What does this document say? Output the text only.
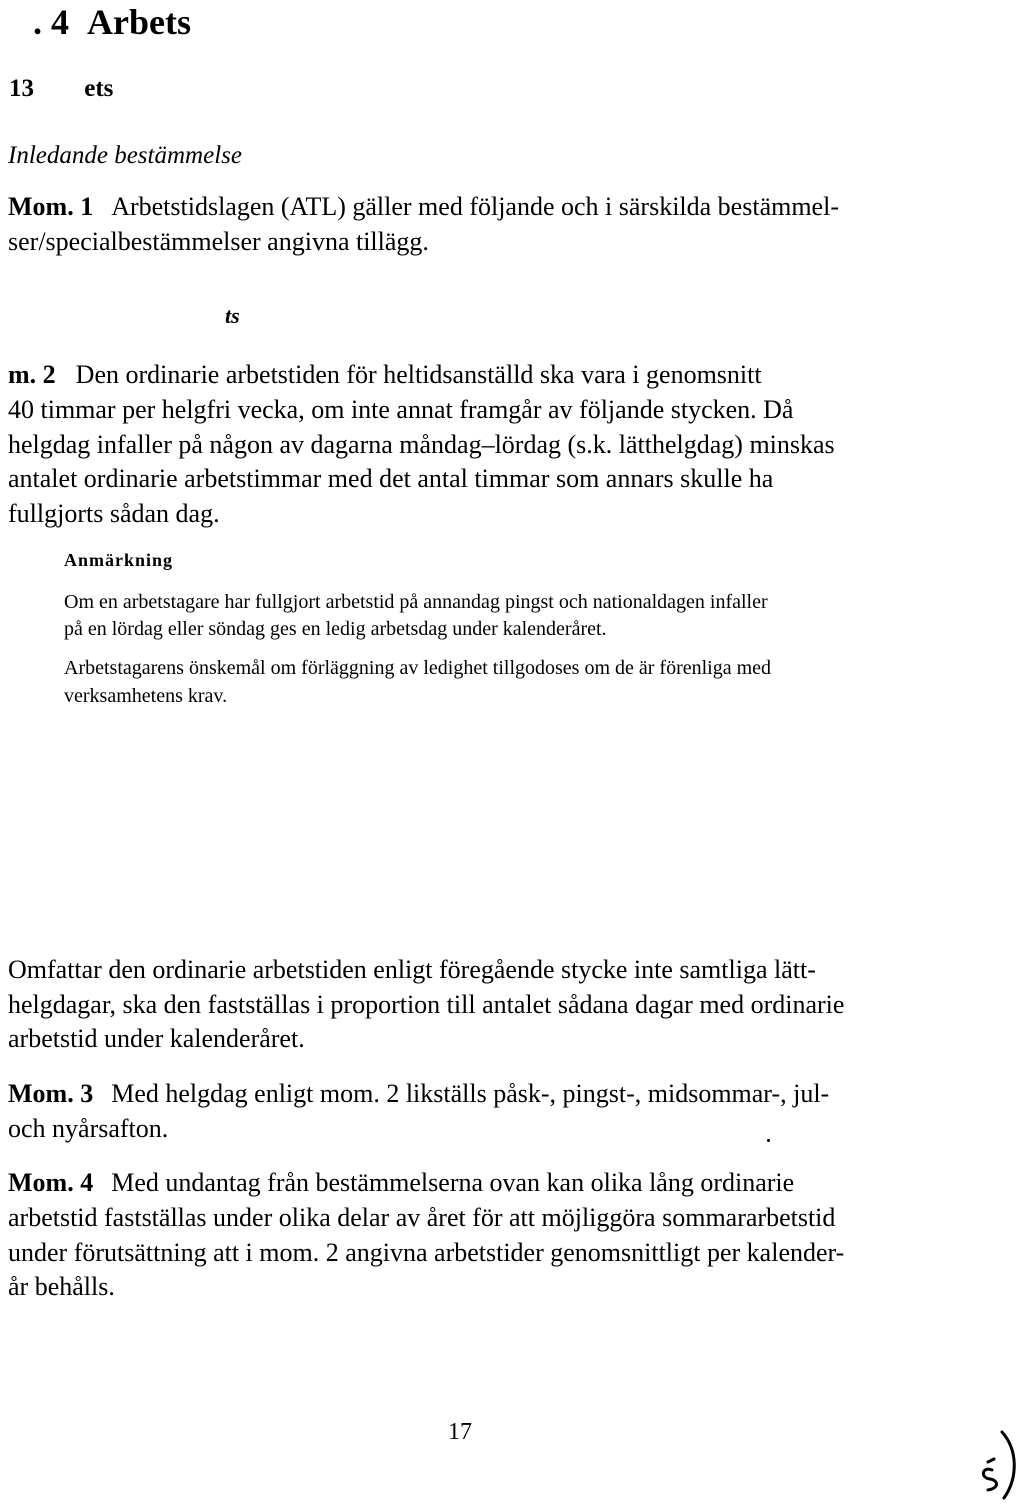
. 4 Arbets
13 ets
Inledande bestämmelse
Mom. 1 Arbetstidslagen (ATL) gäller med följande och i särskilda bestämmel-
ser/specialbestämmelser angivna tillägg.
ts
m. 2 Den ordinarie arbetstiden för heltidsanställd ska vara i genomsnitt
40 timmar per helgfri vecka, om inte annat framgår av följande stycken. Då
helgdag infaller på någon av dagarna måndag–lördag (s.k. lätthelgdag) minskas
antalet ordinarie arbetstimmar med det antal timmar som annars skulle ha
fullgjorts sådan dag.
Anmärkning
Om en arbetstagare har fullgjort arbetstid på annandag pingst och nationaldagen infaller
på en lördag eller söndag ges en ledig arbetsdag under kalenderåret.
Arbetstagarens önskemål om förläggning av ledighet tillgodoses om de är förenliga med
verksamhetens krav.
Omfattar den ordinarie arbetstiden enligt föregående stycke inte samtliga lätt-
helgdagar, ska den fastställas i proportion till antalet sådana dagar med ordinarie
arbetstid under kalenderåret.
Mom. 3 Med helgdag enligt mom. 2 likställs påsk-, pingst-, midsommar-, jul-
och nyårsafton.
Mom. 4 Med undantag från bestämmelserna ovan kan olika lång ordinarie
arbetstid fastställas under olika delar av året för att möjliggöra sommararbetstid
under förutsättning att i mom. 2 angivna arbetstider genomsnittligt per kalender-
år behålls.
17
